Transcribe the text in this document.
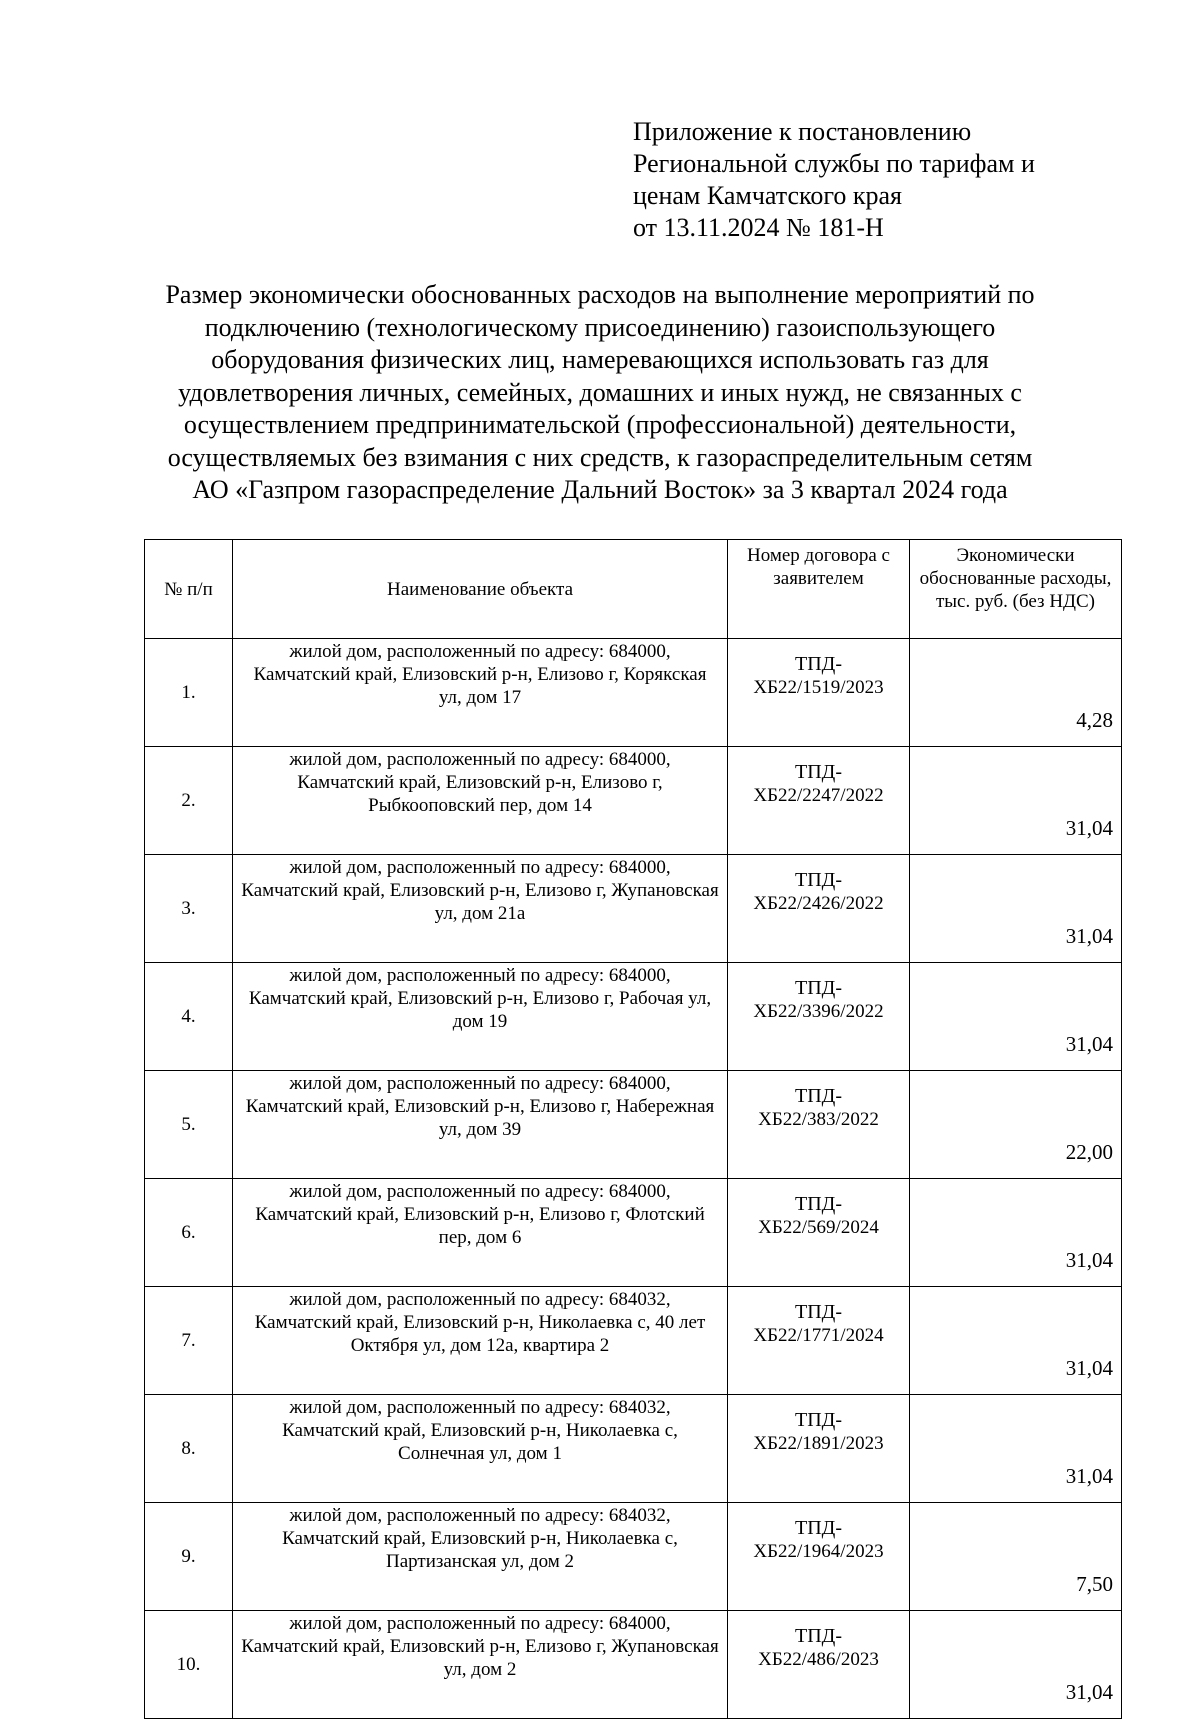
Приложение к постановлению
Региональной службы по тарифам и
ценам Камчатского края
от 13.11.2024 № 181-Н
Размер экономически обоснованных расходов на выполнение мероприятий по
подключению (технологическому присоединению) газоиспользующего
оборудования физических лиц, намеревающихся использовать газ для
удовлетворения личных, семейных, домашних и иных нужд, не связанных с
осуществлением предпринимательской (профессиональной) деятельности,
осуществляемых без взимания с них средств, к газораспределительным сетям
АО «Газпром газораспределение Дальний Восток» за 3 квартал 2024 года
№ п/п	Наименование объекта	Номер договора с заявителем	Экономически обоснованные расходы, тыс. руб. (без НДС)
1.	жилой дом, расположенный по адресу: 684000, Камчатский край, Елизовский р-н, Елизово г, Корякская ул, дом 17	ТПД-
ХБ22/1519/2023	4,28
2.	жилой дом, расположенный по адресу: 684000, Камчатский край, Елизовский р-н, Елизово г, Рыбкооповский пер, дом 14	ТПД-
ХБ22/2247/2022	31,04
3.	жилой дом, расположенный по адресу: 684000, Камчатский край, Елизовский р-н, Елизово г, Жупановская ул, дом 21а	ТПД-
ХБ22/2426/2022	31,04
4.	жилой дом, расположенный по адресу: 684000, Камчатский край, Елизовский р-н, Елизово г, Рабочая ул, дом 19	ТПД-
ХБ22/3396/2022	31,04
5.	жилой дом, расположенный по адресу: 684000, Камчатский край, Елизовский р-н, Елизово г, Набережная ул, дом 39	ТПД-
ХБ22/383/2022	22,00
6.	жилой дом, расположенный по адресу: 684000, Камчатский край, Елизовский р-н, Елизово г, Флотский пер, дом 6	ТПД-
ХБ22/569/2024	31,04
7.	жилой дом, расположенный по адресу: 684032, Камчатский край, Елизовский р-н, Николаевка с, 40 лет Октября ул, дом 12а, квартира 2	ТПД-
ХБ22/1771/2024	31,04
8.	жилой дом, расположенный по адресу: 684032, Камчатский край, Елизовский р-н, Николаевка с, Солнечная ул, дом 1	ТПД-
ХБ22/1891/2023	31,04
9.	жилой дом, расположенный по адресу: 684032, Камчатский край, Елизовский р-н, Николаевка с, Партизанская ул, дом 2	ТПД-
ХБ22/1964/2023	7,50
10.	жилой дом, расположенный по адресу: 684000, Камчатский край, Елизовский р-н, Елизово г, Жупановская ул, дом 2	ТПД-
ХБ22/486/2023	31,04
